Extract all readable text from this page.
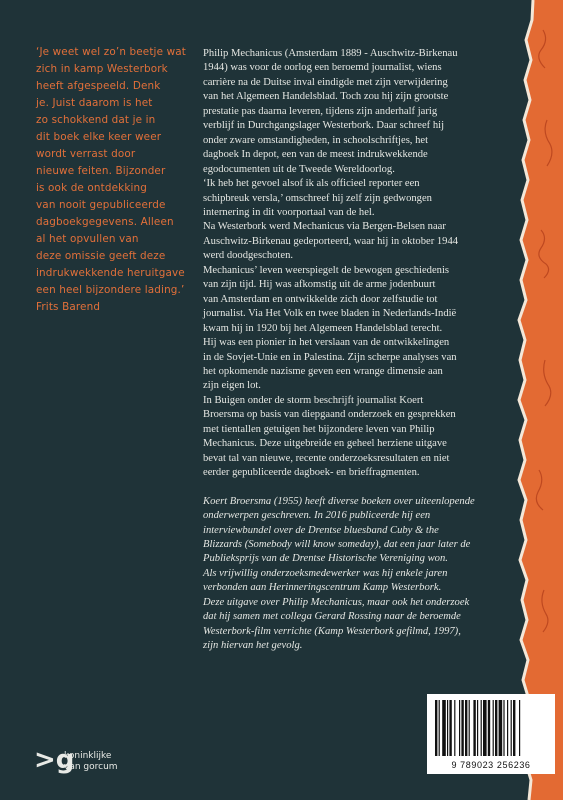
‘Je weet wel zo’n beetje wat

zich in kamp Westerbork

heeft afgespeeld. Denk

je. Juist daarom is het

zo schokkend dat je in

dit boek elke keer weer

wordt verrast door

nieuwe feiten. Bijzonder

is ook de ontdekking

van nooit gepubliceerde

dagboekgegevens. Alleen

al het opvullen van

deze omissie geeft deze

indrukwekkende heruitgave

een heel bijzondere lading.’

Frits Barend

Philip Mechanicus (Amsterdam 1889 - Auschwitz-Birkenau

1944) was voor de oorlog een beroemd journalist, wiens

carrière na de Duitse inval eindigde met zijn verwijdering

van het Algemeen Handelsblad. Toch zou hij zijn grootste

prestatie pas daarna leveren, tijdens zijn anderhalf jarig

verblijf in Durchgangslager Westerbork. Daar schreef hij

onder zware omstandigheden, in schoolschriftjes, het

dagboek In depot, een van de meest indrukwekkende

egodocumenten uit de Tweede Wereldoorlog.

‘Ik heb het gevoel alsof ik als officieel reporter een

schipbreuk versla,’ omschreef hij zelf zijn gedwongen

internering in dit voorportaal van de hel.

Na Westerbork werd Mechanicus via Bergen-Belsen naar

Auschwitz-Birkenau gedeporteerd, waar hij in oktober 1944

werd doodgeschoten.

Mechanicus’ leven weerspiegelt de bewogen geschiedenis

van zijn tijd. Hij was afkomstig uit de arme jodenbuurt

van Amsterdam en ontwikkelde zich door zelfstudie tot

journalist. Via Het Volk en twee bladen in Nederlands-Indië

kwam hij in 1920 bij het Algemeen Handelsblad terecht.

Hij was een pionier in het verslaan van de ontwikkelingen

in de Sovjet-Unie en in Palestina. Zijn scherpe analyses van

het opkomende nazisme geven een wrange dimensie aan

zijn eigen lot.

In Buigen onder de storm beschrijft journalist Koert

Broersma op basis van diepgaand onderzoek en gesprekken

met tientallen getuigen het bijzondere leven van Philip

Mechanicus. Deze uitgebreide en geheel herziene uitgave

bevat tal van nieuwe, recente onderzoeksresultaten en niet

eerder gepubliceerde dagboek- en brieffragmenten.

Koert Broersma (1955) heeft diverse boeken over uiteenlopende

onderwerpen geschreven. In 2016 publiceerde hij een

interviewbundel over de Drentse bluesband Cuby & the

Blizzards (Somebody will know someday), dat een jaar later de

Publieksprijs van de Drentse Historische Vereniging won.

Als vrijwillig onderzoeksmedewerker was hij enkele jaren

verbonden aan Herinneringscentrum Kamp Westerbork.

Deze uitgave over Philip Mechanicus, maar ook het onderzoek

dat hij samen met collega Gerard Rossing naar de beroemde

Westerbork-film verrichte (Kamp Westerbork gefilmd, 1997),

zijn hiervan het gevolg.

9 789023 256236
>g
koninklijke
van gorcum
